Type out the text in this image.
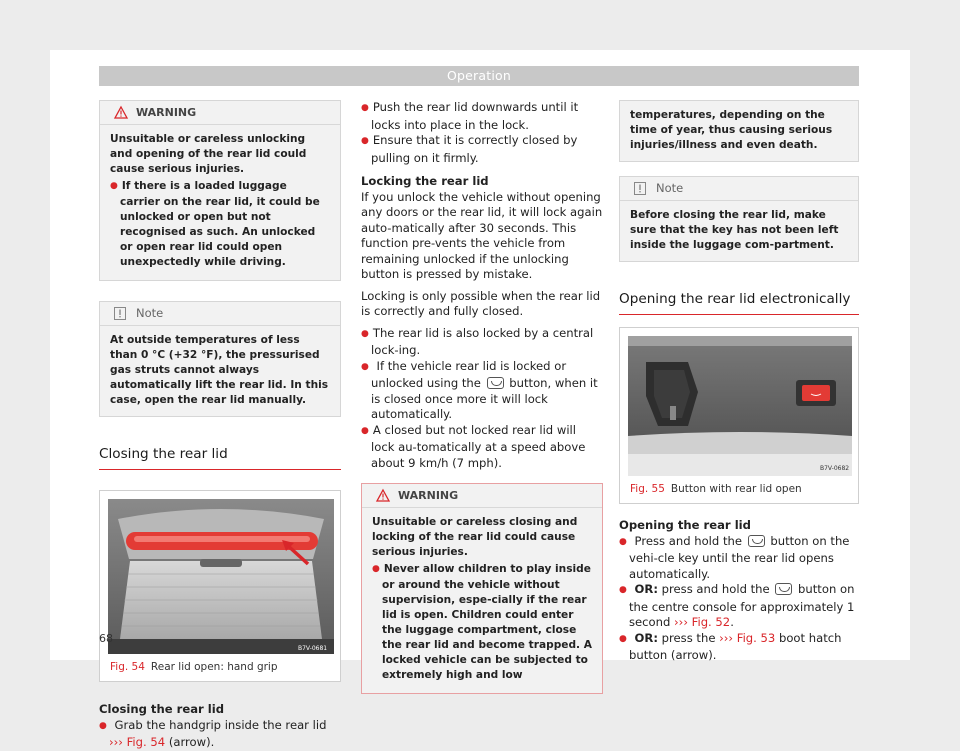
Operation
WARNING

Unsuitable or careless unlocking and opening of the rear lid could cause serious injuries.

● If there is a loaded luggage carrier on the rear lid, it could be unlocked or open but not recognised as such. An unlocked or open rear lid could open unexpectedly while driving.

Note
At outside temperatures of less than 0 °C (+32 °F), the pressurised gas struts cannot always automatically lift the rear lid. In this case, open the rear lid manually.
Closing the rear lid
B7V-0681
Fig. 54 Rear lid open: hand grip
Closing the rear lid
● Grab the handgrip inside the rear lid
››› Fig. 54 (arrow).
● Push the rear lid downwards until it locks into place in the lock.
● Ensure that it is correctly closed by pulling on it firmly.
Locking the rear lid

If you unlock the vehicle without opening any doors or the rear lid, it will lock again auto-matically after 30 seconds. This function pre-vents the vehicle from remaining unlocked if the unlocking button is pressed by mistake.

Locking is only possible when the rear lid is correctly and fully closed.

● The rear lid is also locked by a central lock-ing.
● If the vehicle rear lid is locked or unlocked using the button, when it is closed once more it will lock automatically.
● A closed but not locked rear lid will lock au-tomatically at a speed above about 9 km/h (7 mph).
WARNING

Unsuitable or careless closing and locking of the rear lid could cause serious injuries.

● Never allow children to play inside or around the vehicle without supervision, espe-cially if the rear lid is open. Children could enter the luggage compartment, close the rear lid and become trapped. A locked vehicle can be subjected to extremely high and low

temperatures, depending on the time of year, thus causing serious injuries/illness and even death.
Note
Before closing the rear lid, make sure that the key has not been left inside the luggage com-partment.
Opening the rear lid electronically
B7V-0682
Fig. 55 Button with rear lid open
Opening the rear lid
● Press and hold the button on the vehi-cle key until the rear lid opens automatically.
● OR: press and hold the button on the centre console for approximately 1 second ››› Fig. 52.
● OR: press the ››› Fig. 53 boot hatch button (arrow).
68
